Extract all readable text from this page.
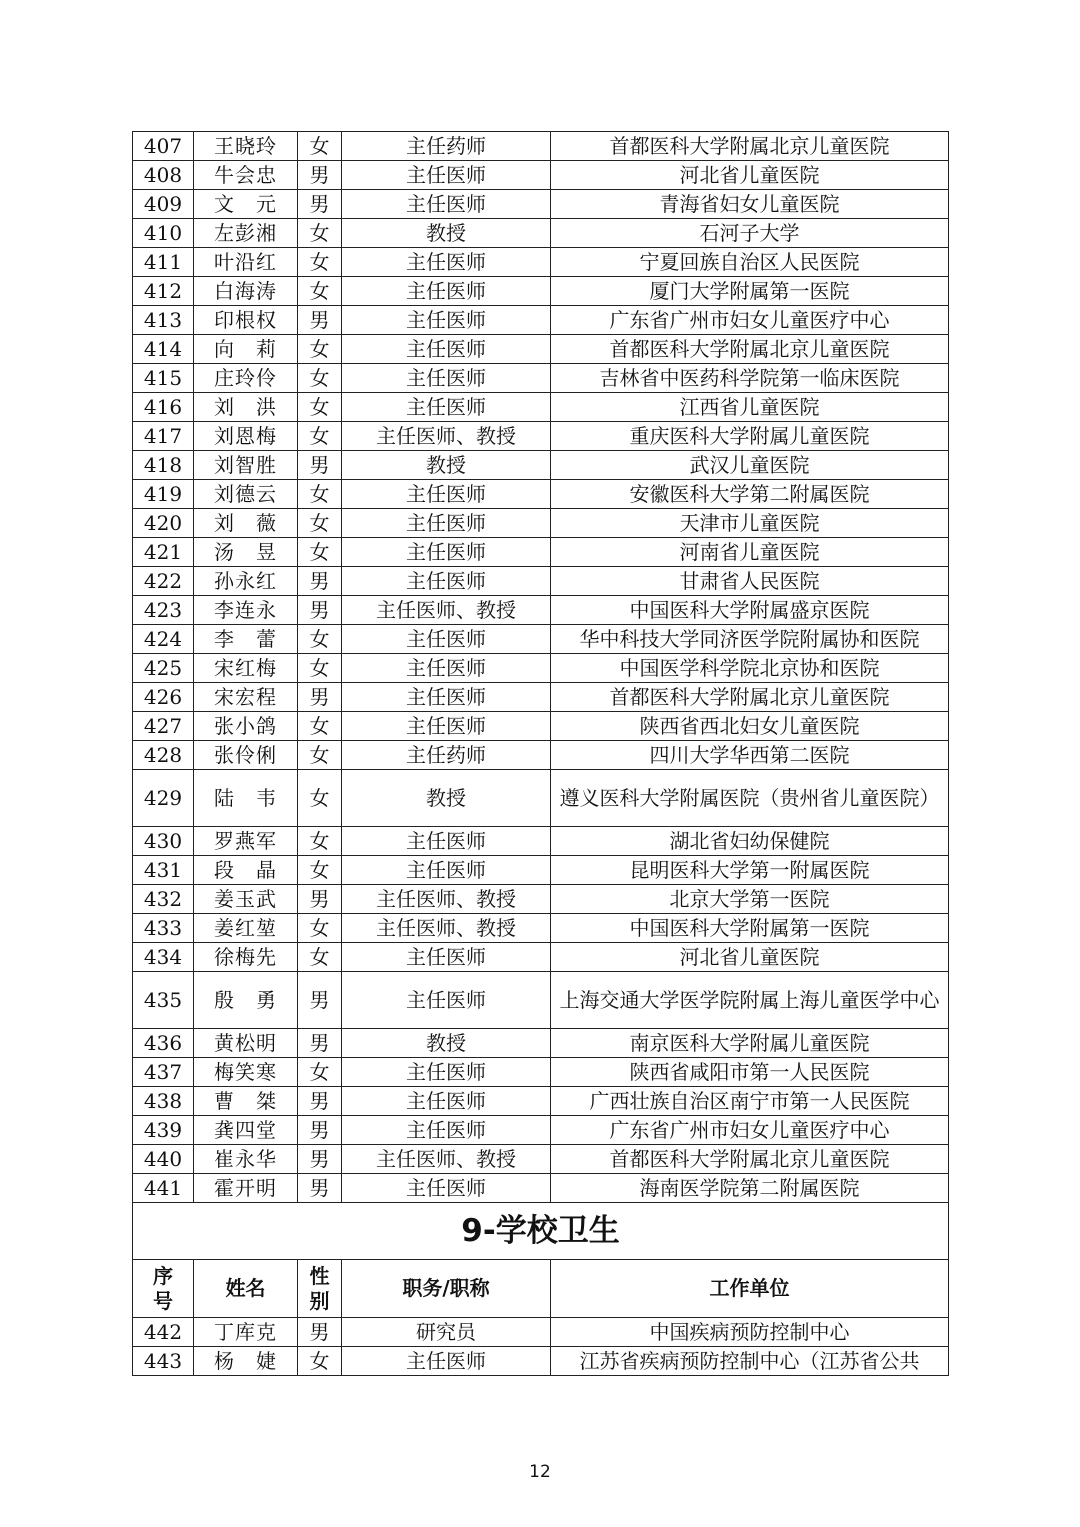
407	王晓玲	女	主任药师	首都医科大学附属北京儿童医院
408	牛会忠	男	主任医师	河北省儿童医院
409	文　元	男	主任医师	青海省妇女儿童医院
410	左彭湘	女	教授	石河子大学
411	叶沿红	女	主任医师	宁夏回族自治区人民医院
412	白海涛	女	主任医师	厦门大学附属第一医院
413	印根权	男	主任医师	广东省广州市妇女儿童医疗中心
414	向　莉	女	主任医师	首都医科大学附属北京儿童医院
415	庄玲伶	女	主任医师	吉林省中医药科学院第一临床医院
416	刘　洪	女	主任医师	江西省儿童医院
417	刘恩梅	女	主任医师、教授	重庆医科大学附属儿童医院
418	刘智胜	男	教授	武汉儿童医院
419	刘德云	女	主任医师	安徽医科大学第二附属医院
420	刘　薇	女	主任医师	天津市儿童医院
421	汤　昱	女	主任医师	河南省儿童医院
422	孙永红	男	主任医师	甘肃省人民医院
423	李连永	男	主任医师、教授	中国医科大学附属盛京医院
424	李　蕾	女	主任医师	华中科技大学同济医学院附属协和医院
425	宋红梅	女	主任医师	中国医学科学院北京协和医院
426	宋宏程	男	主任医师	首都医科大学附属北京儿童医院
427	张小鸽	女	主任医师	陕西省西北妇女儿童医院
428	张伶俐	女	主任药师	四川大学华西第二医院
429	陆　韦	女	教授	遵义医科大学附属医院（贵州省儿童医院）
430	罗燕军	女	主任医师	湖北省妇幼保健院
431	段　晶	女	主任医师	昆明医科大学第一附属医院
432	姜玉武	男	主任医师、教授	北京大学第一医院
433	姜红堃	女	主任医师、教授	中国医科大学附属第一医院
434	徐梅先	女	主任医师	河北省儿童医院
435	殷　勇	男	主任医师	上海交通大学医学院附属上海儿童医学中心
436	黄松明	男	教授	南京医科大学附属儿童医院
437	梅笑寒	女	主任医师	陕西省咸阳市第一人民医院
438	曹　桀	男	主任医师	广西壮族自治区南宁市第一人民医院
439	龚四堂	男	主任医师	广东省广州市妇女儿童医疗中心
440	崔永华	男	主任医师、教授	首都医科大学附属北京儿童医院
441	霍开明	男	主任医师	海南医学院第二附属医院
9-学校卫生				
序号	姓名	性别	职务/职称	工作单位
442	丁库克	男	研究员	中国疾病预防控制中心
443	杨　婕	女	主任医师	江苏省疾病预防控制中心（江苏省公共
12
